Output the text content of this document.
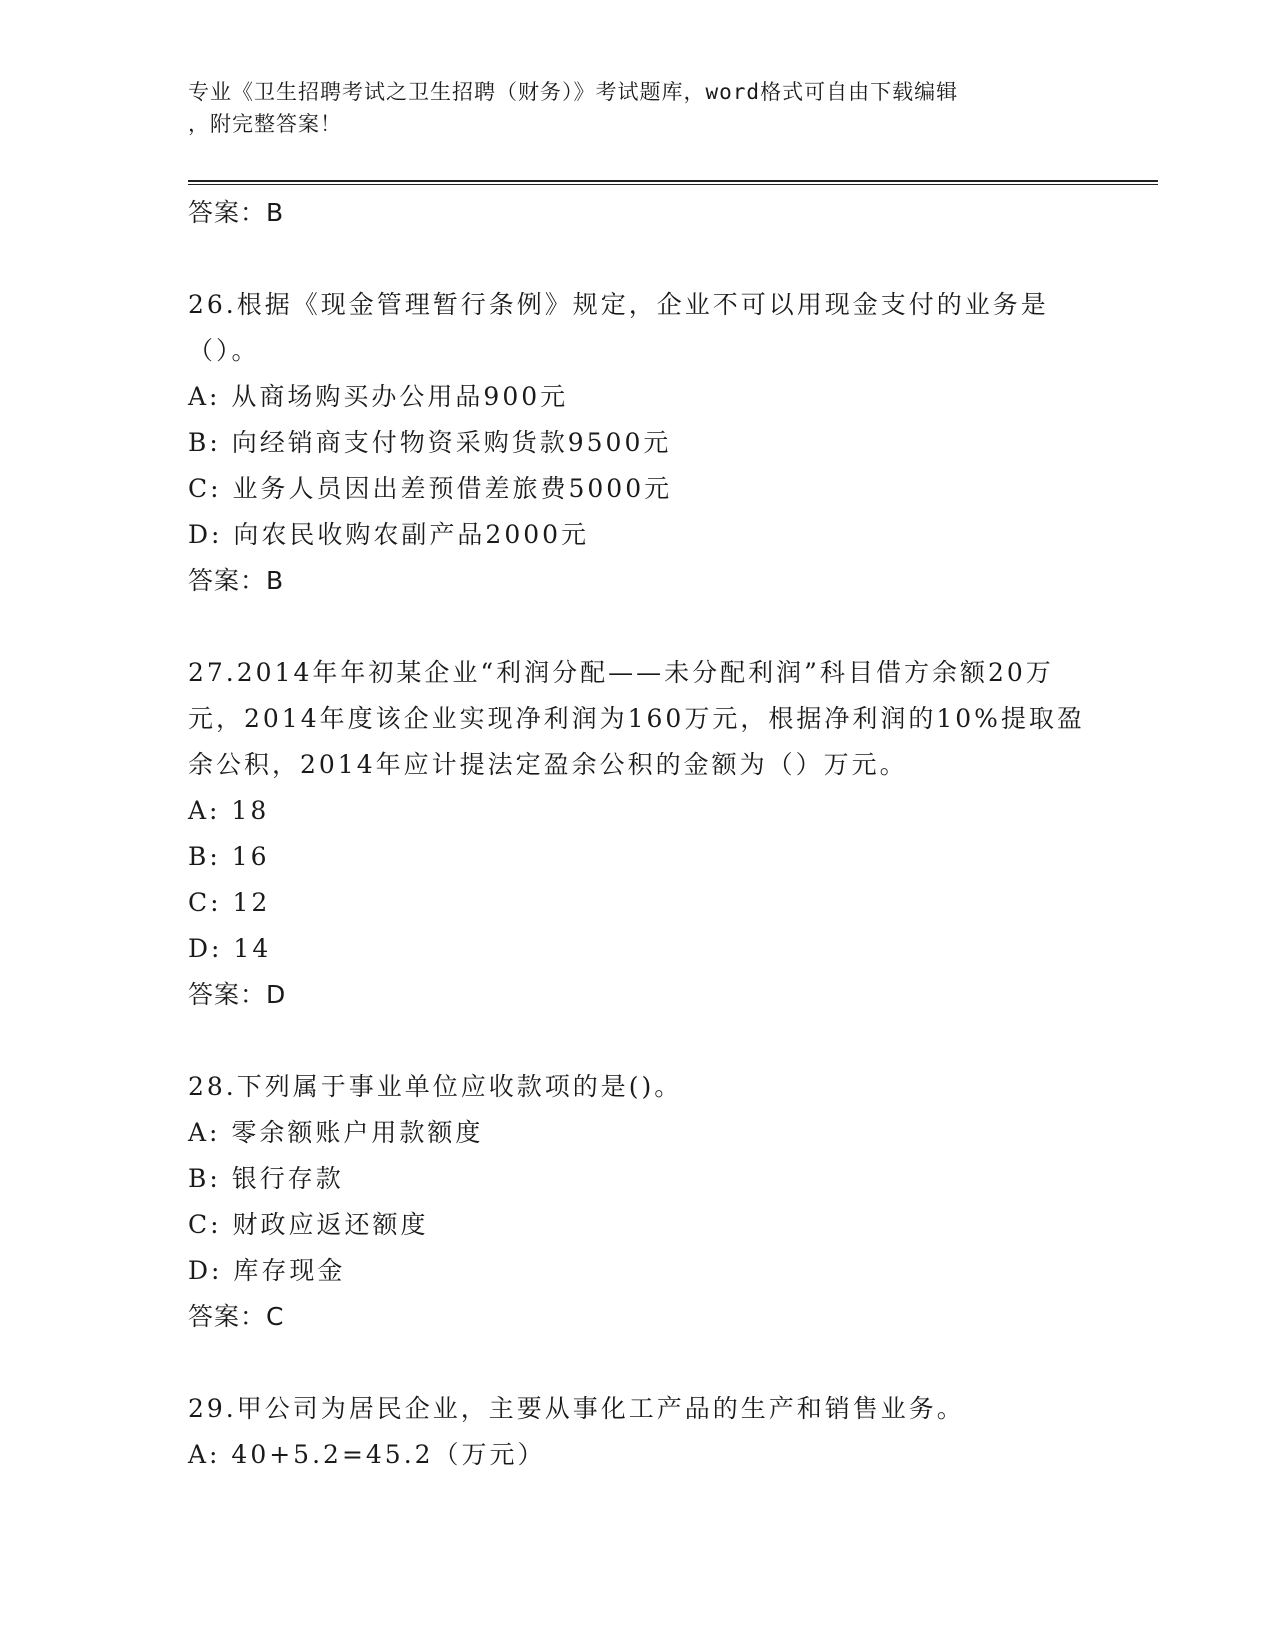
专业《卫生招聘考试之卫生招聘（财务）》考试题库，word格式可自由下载编辑
，附完整答案！
答案：B
26.根据《现金管理暂行条例》规定，企业不可以用现金支付的业务是（）。
A: 从商场购买办公用品900元
B: 向经销商支付物资采购货款9500元
C: 业务人员因出差预借差旅费5000元
D: 向农民收购农副产品2000元
答案：B
27.2014年年初某企业“利润分配——未分配利润”科目借方余额20万元，2014年度该企业实现净利润为160万元，根据净利润的10%提取盈余公积，2014年应计提法定盈余公积的金额为（）万元。
A: 18
B: 16
C: 12
D: 14
答案：D
28.下列属于事业单位应收款项的是()。
A: 零余额账户用款额度
B: 银行存款
C: 财政应返还额度
D: 库存现金
答案：C
29.甲公司为居民企业，主要从事化工产品的生产和销售业务。
A: 40+5.2=45.2（万元）
